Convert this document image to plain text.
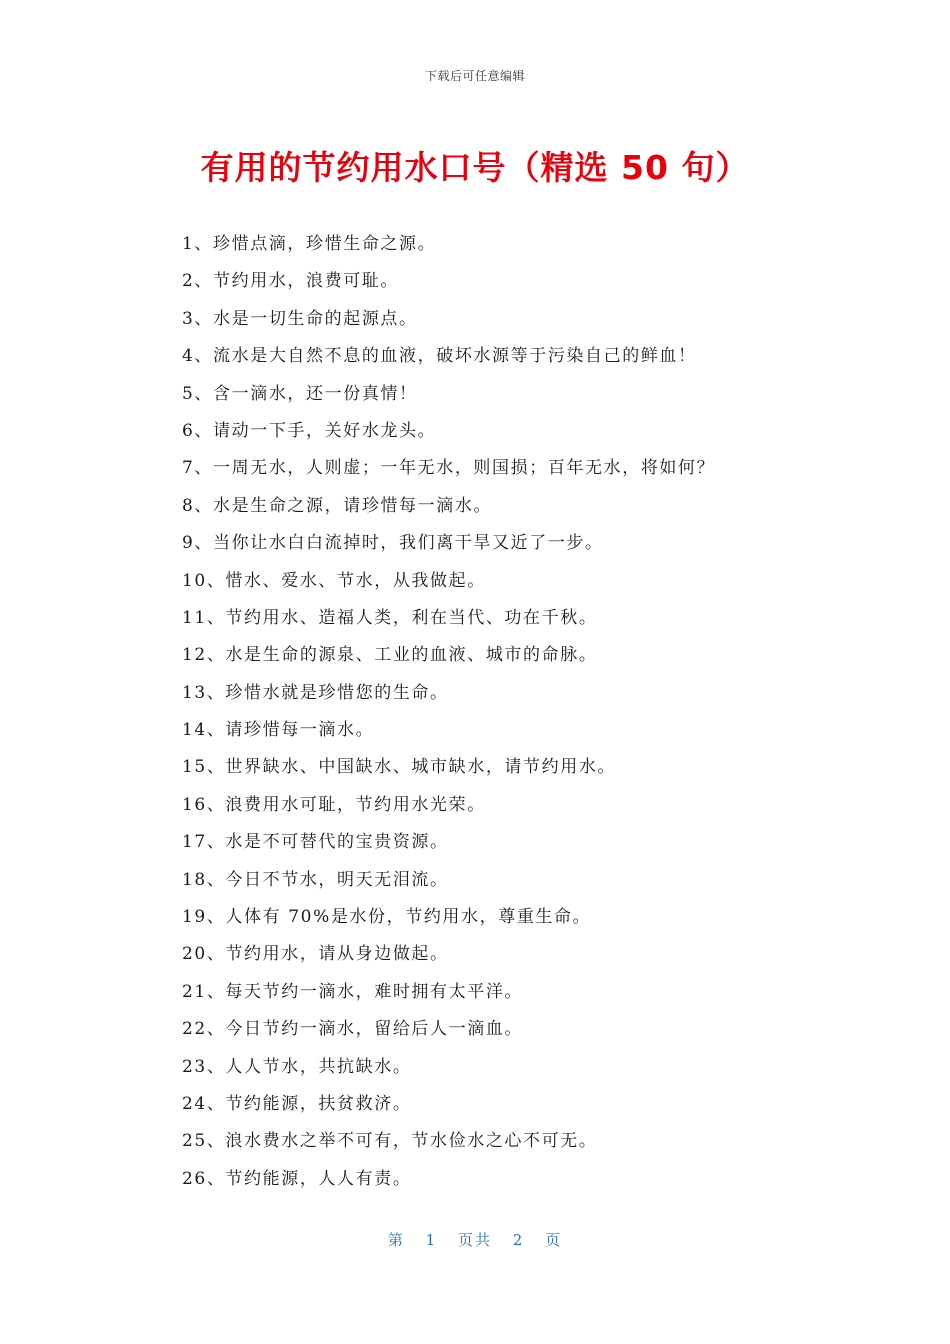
下载后可任意编辑
有用的节约用水口号（精选 50 句）
1、珍惜点滴，珍惜生命之源。
2、节约用水，浪费可耻。
3、水是一切生命的起源点。
4、流水是大自然不息的血液，破坏水源等于污染自己的鲜血！
5、含一滴水，还一份真情！
6、请动一下手，关好水龙头。
7、一周无水，人则虚；一年无水，则国损；百年无水，将如何？
8、水是生命之源，请珍惜每一滴水。
9、当你让水白白流掉时，我们离干旱又近了一步。
10、惜水、爱水、节水，从我做起。
11、节约用水、造福人类，利在当代、功在千秋。
12、水是生命的源泉、工业的血液、城市的命脉。
13、珍惜水就是珍惜您的生命。
14、请珍惜每一滴水。
15、世界缺水、中国缺水、城市缺水，请节约用水。
16、浪费用水可耻，节约用水光荣。
17、水是不可替代的宝贵资源。
18、今日不节水，明天无泪流。
19、人体有 70%是水份，节约用水，尊重生命。
20、节约用水，请从身边做起。
21、每天节约一滴水，难时拥有太平洋。
22、今日节约一滴水，留给后人一滴血。
23、人人节水，共抗缺水。
24、节约能源，扶贫救济。
25、浪水费水之举不可有，节水俭水之心不可无。
26、节约能源，人人有责。
第 1 页共 2 页
